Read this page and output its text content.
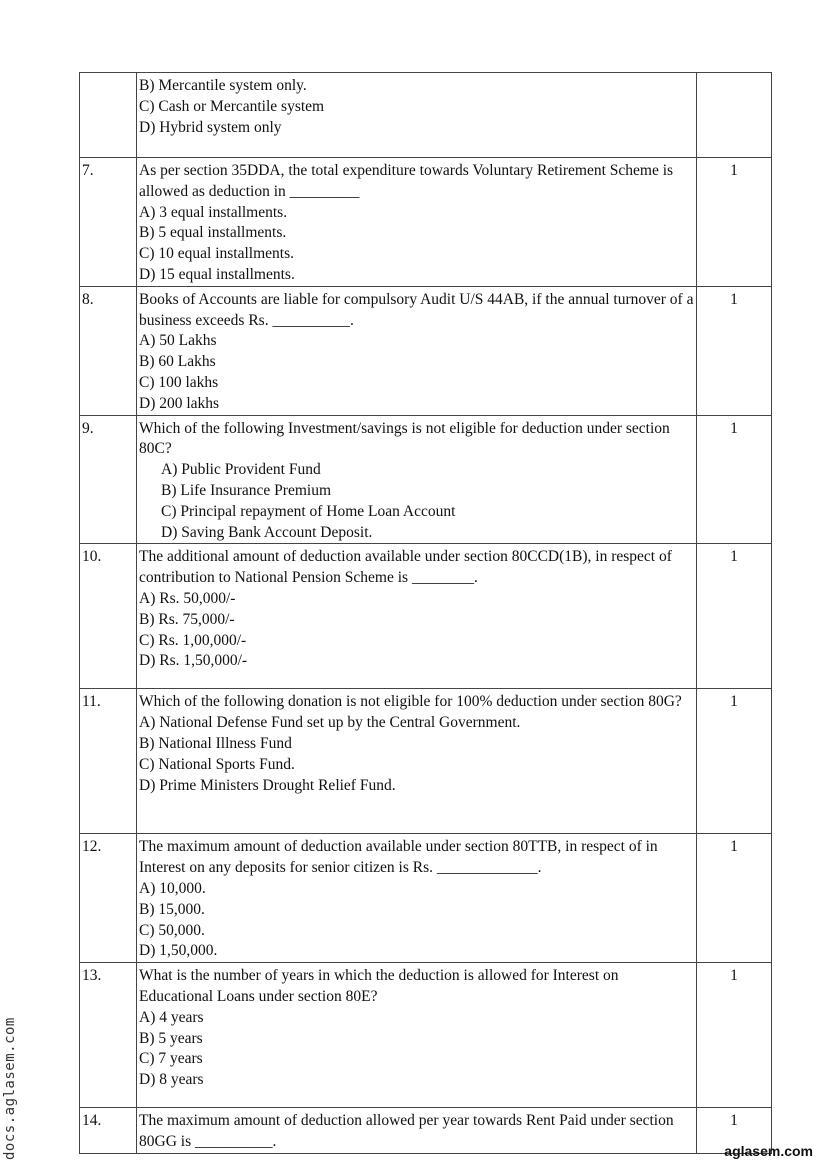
	B) Mercantile system only.
C) Cash or Mercantile system
D) Hybrid system only	

7.	As per section 35DDA, the total expenditure towards Voluntary Retirement Scheme is allowed as deduction in _________
A) 3 equal installments.
B) 5 equal installments.
C) 10 equal installments.
D) 15 equal installments.	1
8.	Books of Accounts are liable for compulsory Audit U/S 44AB, if the annual turnover of a business exceeds Rs. __________.
A) 50 Lakhs
B) 60 Lakhs
C) 100 lakhs
D) 200 lakhs	1
9.	Which of the following Investment/savings is not eligible for deduction under section 80C?
A) Public Provident Fund
B) Life Insurance Premium
C) Principal repayment of Home Loan Account
D) Saving Bank Account Deposit.	1
10.	The additional amount of deduction available under section 80CCD(1B), in respect of contribution to National Pension Scheme is ________.
A) Rs. 50,000/-
B) Rs. 75,000/-
C) Rs. 1,00,000/-
D) Rs. 1,50,000/-	1
11.	Which of the following donation is not eligible for 100% deduction under section 80G?
A) National Defense Fund set up by the Central Government.
B) National Illness Fund
C) National Sports Fund.
D) Prime Ministers Drought Relief Fund.	1
12.	The maximum amount of deduction available under section 80TTB, in respect of in Interest on any deposits for senior citizen is Rs. _____________.
A) 10,000.
B) 15,000.
C) 50,000.
D) 1,50,000.	1
13.	What is the number of years in which the deduction is allowed for Interest on Educational Loans under section 80E?
A) 4 years
B) 5 years
C) 7 years
D) 8 years	1
14.	The maximum amount of deduction allowed per year towards Rent Paid under section 80GG is __________.	1
docs.aglasem.com	aglasem.com
